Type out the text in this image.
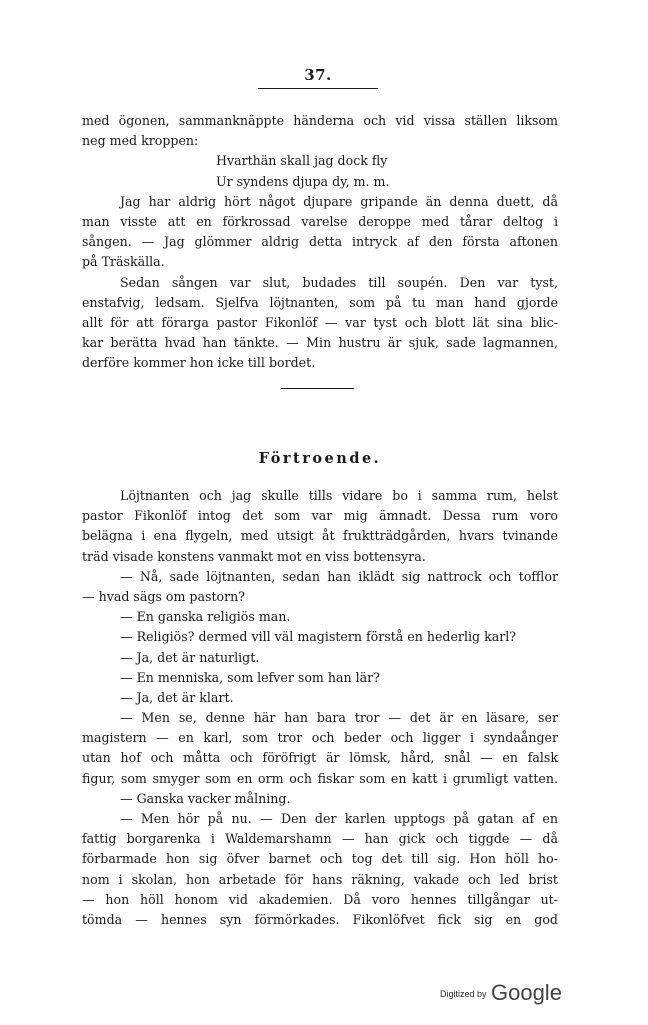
37.
med ögonen, sammanknäppte händerna och vid vissa ställen liksom
neg med kroppen:
Hvarthän skall jag dock fly
Ur syndens djupa dy, m. m.
Jag har aldrig hört något djupare gripande än denna duett, då
man visste att en förkrossad varelse deroppe med tårar deltog i
sången. — Jag glömmer aldrig detta intryck af den första aftonen
på Träskälla.
Sedan sången var slut, budades till soupén. Den var tyst,
enstafvig, ledsam. Sjelfva löjtnanten, som på tu man hand gjorde
allt för att förarga pastor Fikonlöf — var tyst och blott lät sina blic-
kar berätta hvad han tänkte. — Min hustru är sjuk, sade lagmannen,
derföre kommer hon icke till bordet.
Förtroende.
Löjtnanten och jag skulle tills vidare bo i samma rum, helst
pastor Fikonlöf intog det som var mig ämnadt. Dessa rum voro
belägna i ena flygeln, med utsigt åt fruktträdgården, hvars tvinande
träd visade konstens vanmakt mot en viss bottensyra.
— Nå, sade löjtnanten, sedan han iklädt sig nattrock och tofflor
— hvad sägs om pastorn?
— En ganska religiös man.
— Religiös? dermed vill väl magistern förstå en hederlig karl?
— Ja, det är naturligt.
— En menniska, som lefver som han lär?
— Ja, det är klart.
— Men se, denne här han bara tror — det är en läsare, ser
magistern — en karl, som tror och beder och ligger i syndaånger
utan hof och måtta och föröfrigt är lömsk, hård, snål — en falsk
figur, som smyger som en orm och fiskar som en katt i grumligt vatten.
— Ganska vacker målning.
— Men hör på nu. — Den der karlen upptogs på gatan af en
fattig borgarenka i Waldemarshamn — han gick och tiggde — då
förbarmade hon sig öfver barnet och tog det till sig. Hon höll ho-
nom i skolan, hon arbetade för hans räkning, vakade och led brist
— hon höll honom vid akademien. Då voro hennes tillgångar ut-
tömda — hennes syn förmörkades. Fikonlöfvet fick sig en god
Digitized by Google
